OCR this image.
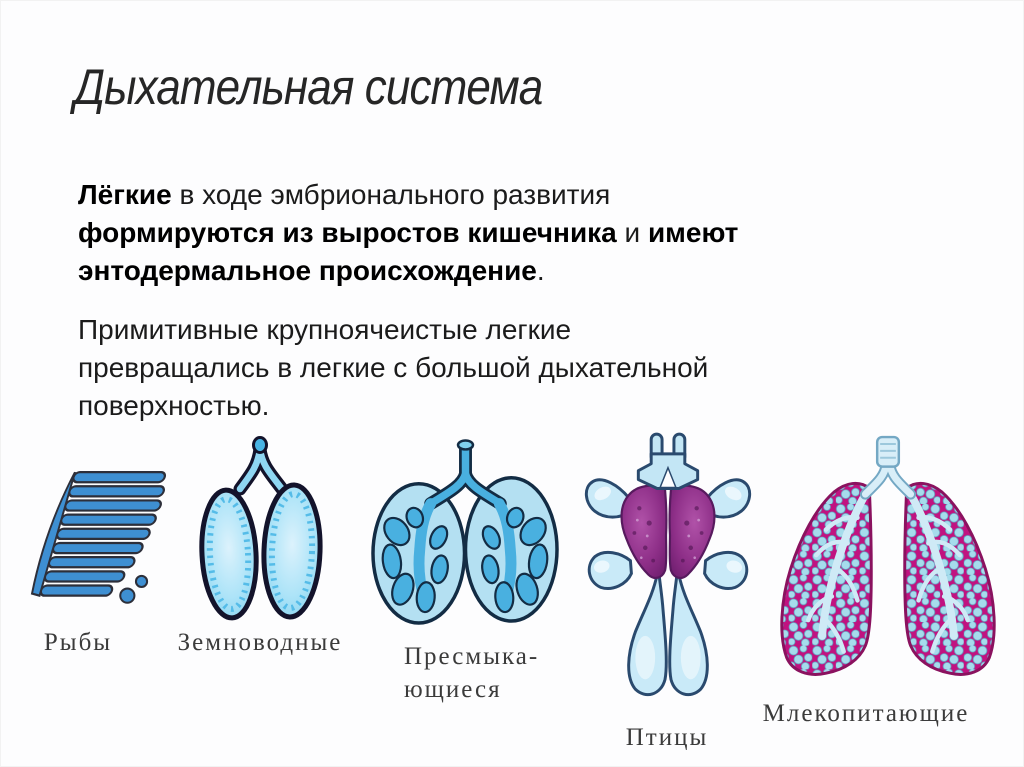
Дыхательная система
Лёгкие в ходе эмбрионального развития
формируются из выростов кишечника и имеют
энтодермальное происхождение.
Примитивные крупноячеистые легкие
превращались в легкие с большой дыхательной
поверхностью.
Рыбы	Земноводные
Пресмыка-
ющиеся
Птицы
Млекопитающие
